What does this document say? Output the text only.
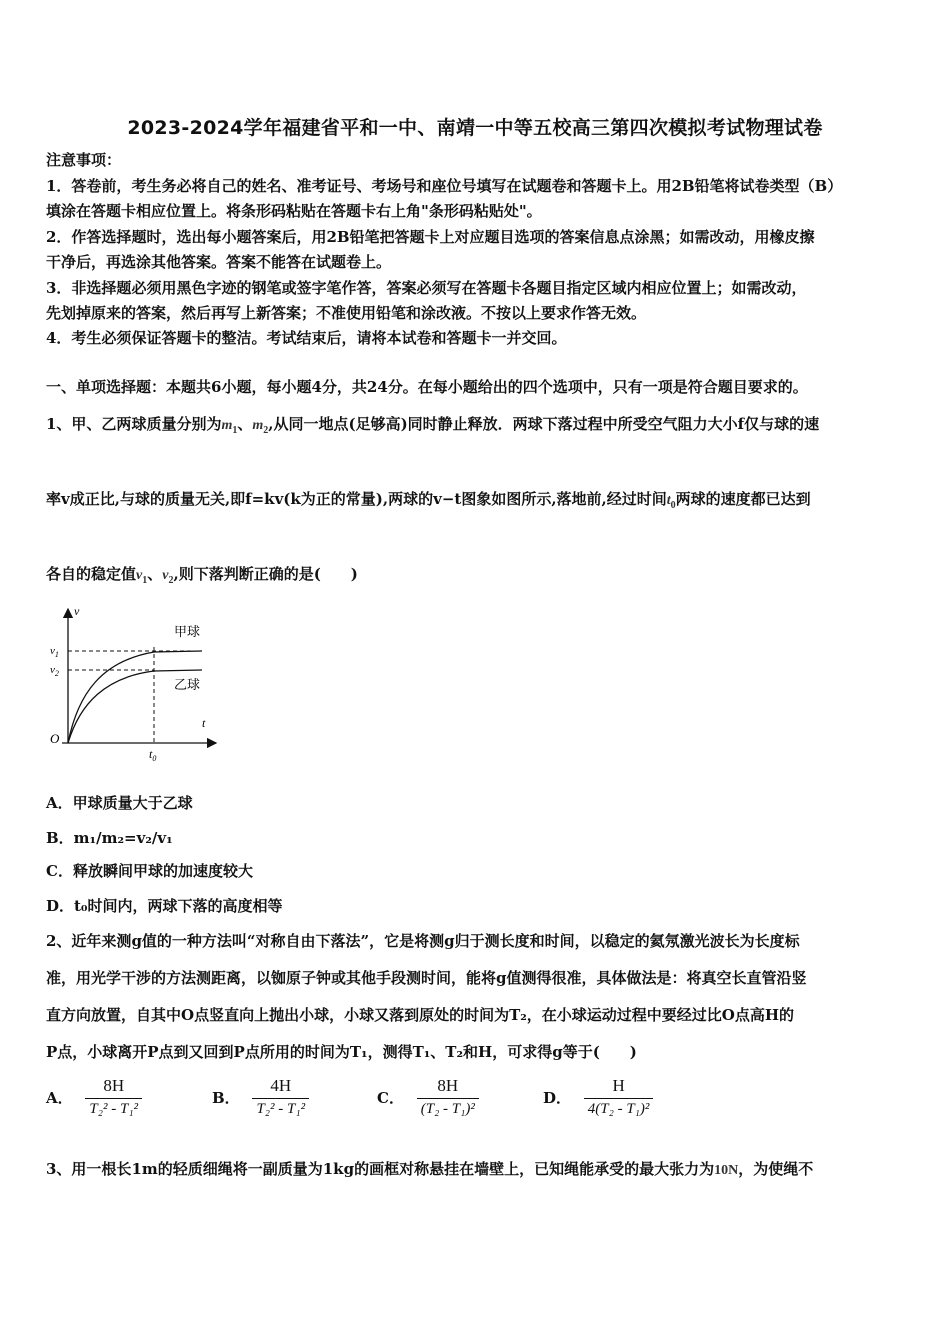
2023-2024学年福建省平和一中、南靖一中等五校高三第四次模拟考试物理试卷
注意事项：
1．答卷前，考生务必将自己的姓名、准考证号、考场号和座位号填写在试题卷和答题卡上。用2B铅笔将试卷类型（B）
填涂在答题卡相应位置上。将条形码粘贴在答题卡右上角"条形码粘贴处"。
2．作答选择题时，选出每小题答案后，用2B铅笔把答题卡上对应题目选项的答案信息点涂黑；如需改动，用橡皮擦
干净后，再选涂其他答案。答案不能答在试题卷上。
3．非选择题必须用黑色字迹的钢笔或签字笔作答，答案必须写在答题卡各题目指定区域内相应位置上；如需改动，
先划掉原来的答案，然后再写上新答案；不准使用铅笔和涂改液。不按以上要求作答无效。
4．考生必须保证答题卡的整洁。考试结束后，请将本试卷和答题卡一并交回。
一、单项选择题：本题共6小题，每小题4分，共24分。在每小题给出的四个选项中，只有一项是符合题目要求的。
1、甲、乙两球质量分别为$m_1$、$m_2$,从同一地点(足够高)同时静止释放．两球下落过程中所受空气阻力大小f仅与球的速
率v成正比,与球的质量无关,即f=kv(k为正的常量),两球的v−t图象如图所示,落地前,经过时间$t_0$两球的速度都已达到
各自的稳定值$v_1$、$v_2$,则下落判断正确的是(　　)
v
t
O
$v_1$
$v_2$
$t_0$
甲球
乙球
A．甲球质量大于乙球
B．m₁/m₂=v₂/v₁
C．释放瞬间甲球的加速度较大
D．t₀时间内，两球下落的高度相等
2、近年来测g值的一种方法叫“对称自由下落法”，它是将测g归于测长度和时间，以稳定的氦氖激光波长为长度标
准，用光学干涉的方法测距离，以铷原子钟或其他手段测时间，能将g值测得很准，具体做法是：将真空长直管沿竖
直方向放置，自其中O点竖直向上抛出小球，小球又落到原处的时间为T₂，在小球运动过程中要经过比O点高H的
P点，小球离开P点到又回到P点所用的时间为T₁，测得T₁、T₂和H，可求得g等于(　　)
A． $\frac{8H}{\text{T₂² - T₁²}}$	B． $\frac{4H}{\text{T₂² - T₁²}}$	C． $\frac{8H}{\text{(T₂ - T₁)²}}$	D． $\frac{H}{\text{4(T₂ - T₁)²}}$
3、用一根长1m的轻质细绳将一副质量为1kg的画框对称悬挂在墙壁上，已知绳能承受的最大张力为10N，为使绳不
